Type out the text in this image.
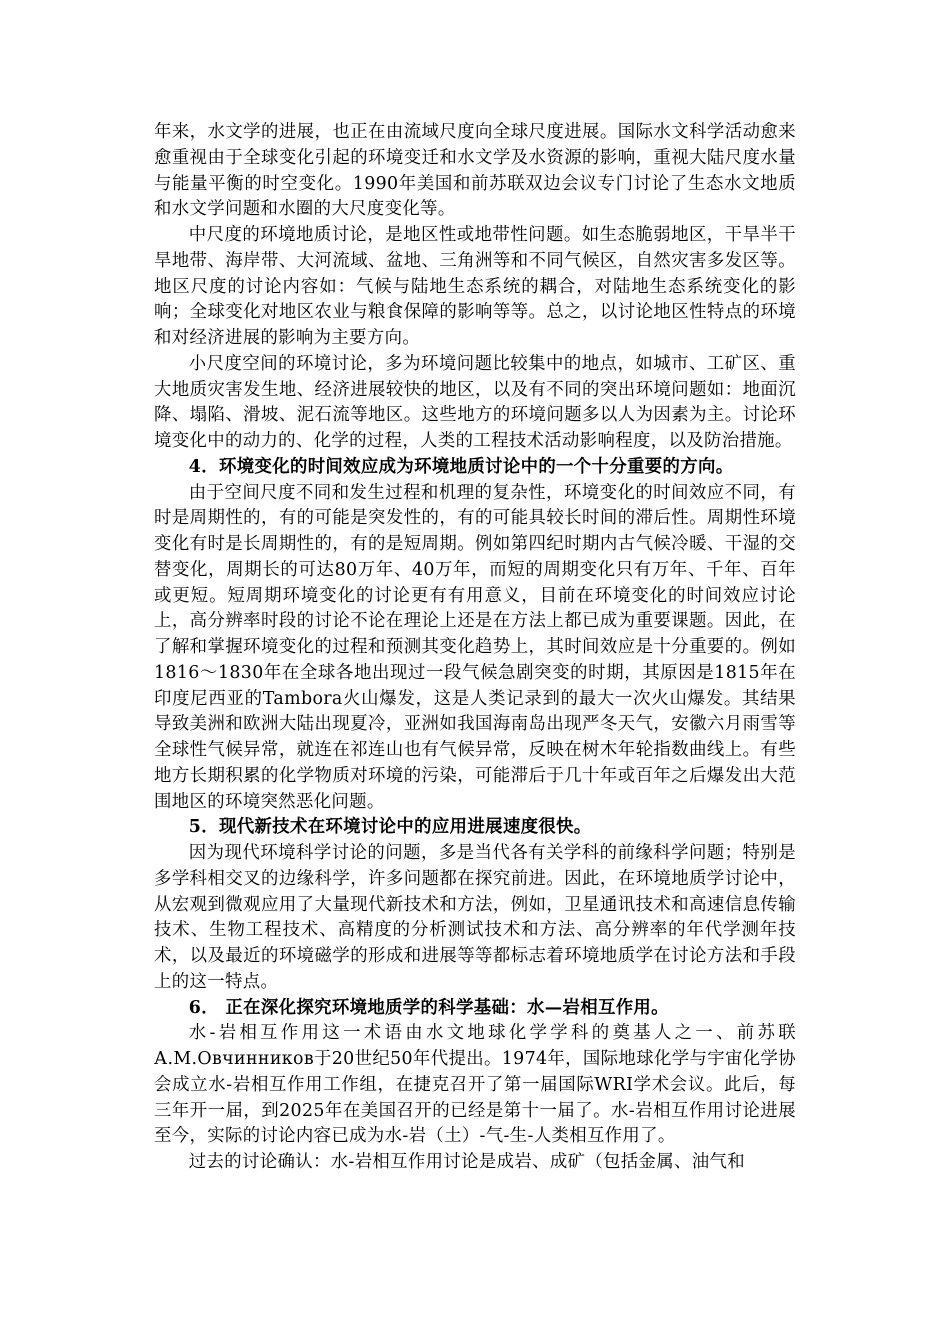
年来，水文学的进展，也正在由流域尺度向全球尺度进展。国际水文科学活动愈来愈重视由于全球变化引起的环境变迁和水文学及水资源的影响，重视大陆尺度水量与能量平衡的时空变化。1990年美国和前苏联双边会议专门讨论了生态水文地质和水文学问题和水圈的大尺度变化等。

中尺度的环境地质讨论，是地区性或地带性问题。如生态脆弱地区，干旱半干旱地带、海岸带、大河流域、盆地、三角洲等和不同气候区，自然灾害多发区等。地区尺度的讨论内容如：气候与陆地生态系统的耦合，对陆地生态系统变化的影响；全球变化对地区农业与粮食保障的影响等等。总之，以讨论地区性特点的环境和对经济进展的影响为主要方向。

小尺度空间的环境讨论，多为环境问题比较集中的地点，如城市、工矿区、重大地质灾害发生地、经济进展较快的地区，以及有不同的突出环境问题如：地面沉降、塌陷、滑坡、泥石流等地区。这些地方的环境问题多以人为因素为主。讨论环境变化中的动力的、化学的过程，人类的工程技术活动影响程度，以及防治措施。

4．环境变化的时间效应成为环境地质讨论中的一个十分重要的方向。

由于空间尺度不同和发生过程和机理的复杂性，环境变化的时间效应不同，有时是周期性的，有的可能是突发性的，有的可能具较长时间的滞后性。周期性环境变化有时是长周期性的，有的是短周期。例如第四纪时期内古气候冷暖、干湿的交替变化，周期长的可达80万年、40万年，而短的周期变化只有万年、千年、百年或更短。短周期环境变化的讨论更有有用意义，目前在环境变化的时间效应讨论上，高分辨率时段的讨论不论在理论上还是在方法上都已成为重要课题。因此，在了解和掌握环境变化的过程和预测其变化趋势上，其时间效应是十分重要的。例如1816～1830年在全球各地出现过一段气候急剧突变的时期，其原因是1815年在印度尼西亚的Tambora火山爆发，这是人类记录到的最大一次火山爆发。其结果导致美洲和欧洲大陆出现夏冷，亚洲如我国海南岛出现严冬天气，安徽六月雨雪等全球性气候异常，就连在祁连山也有气候异常，反映在树木年轮指数曲线上。有些地方长期积累的化学物质对环境的污染，可能滞后于几十年或百年之后爆发出大范围地区的环境突然恶化问题。

5．现代新技术在环境讨论中的应用进展速度很快。

因为现代环境科学讨论的问题，多是当代各有关学科的前缘科学问题；特别是多学科相交叉的边缘科学，许多问题都在探究前进。因此，在环境地质学讨论中，从宏观到微观应用了大量现代新技术和方法，例如，卫星通讯技术和高速信息传输技术、生物工程技术、高精度的分析测试技术和方法、高分辨率的年代学测年技术，以及最近的环境磁学的形成和进展等等都标志着环境地质学在讨论方法和手段上的这一特点。

6． 正在深化探究环境地质学的科学基础：水—岩相互作用。

水-岩相互作用这一术语由水文地球化学学科的奠基人之一、前苏联А.М.Овчинников于20世纪50年代提出。1974年，国际地球化学与宇宙化学协会成立水-岩相互作用工作组，在捷克召开了第一届国际WRI学术会议。此后，每三年开一届，到2025年在美国召开的已经是第十一届了。水-岩相互作用讨论进展至今，实际的讨论内容已成为水-岩（土）-气-生-人类相互作用了。

过去的讨论确认：水-岩相互作用讨论是成岩、成矿（包括金属、油气和
